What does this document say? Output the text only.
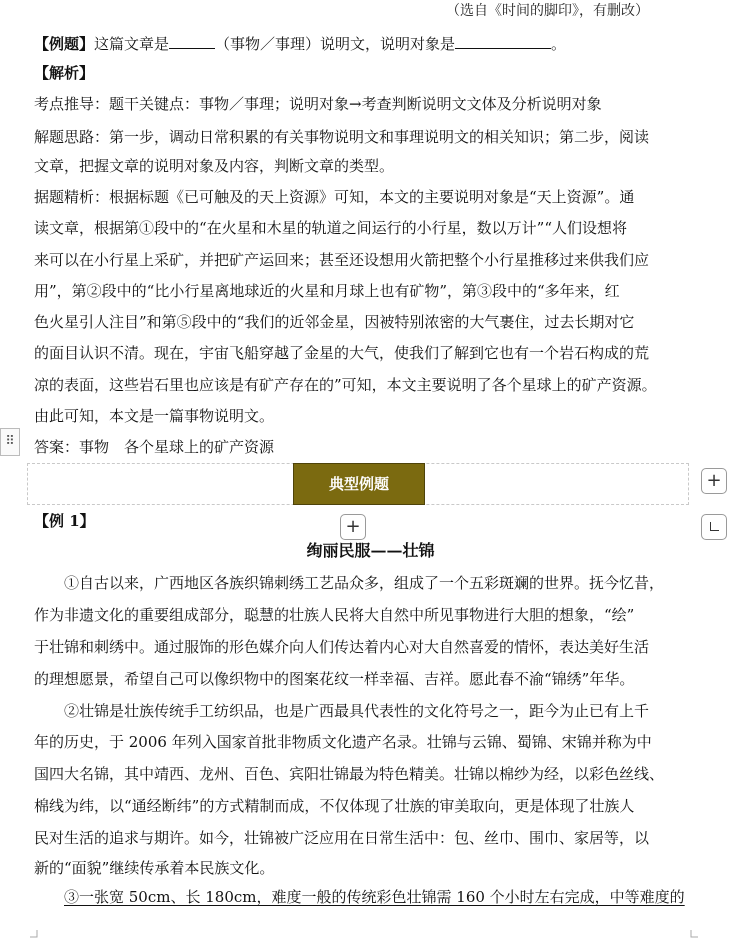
（选自《时间的脚印》，有删改）
【例题】这篇文章是	（事物／事理）说明文，说明对象是	。
【解析】
考点推导：题干关键点：事物／事理；说明对象→考查判断说明文文体及分析说明对象
解题思路：第一步，调动日常积累的有关事物说明文和事理说明文的相关知识；第二步，阅读
文章，把握文章的说明对象及内容，判断文章的类型。
据题精析：根据标题《已可触及的天上资源》可知，本文的主要说明对象是“天上资源”。通
读文章，根据第①段中的“在火星和木星的轨道之间运行的小行星，数以万计”“人们设想将
来可以在小行星上采矿，并把矿产运回来；甚至还设想用火箭把整个小行星推移过来供我们应
用”，第②段中的“比小行星离地球近的火星和月球上也有矿物”，第③段中的“多年来，红
色火星引人注目”和第⑤段中的“我们的近邻金星，因被特别浓密的大气裹住，过去长期对它
的面目认识不清。现在，宇宙飞船穿越了金星的大气，使我们了解到它也有一个岩石构成的荒
凉的表面，这些岩石里也应该是有矿产存在的”可知，本文主要说明了各个星球上的矿产资源。
由此可知，本文是一篇事物说明文。
⠿	答案：事物　各个星球上的矿产资源
典型例题	+
+
【例 1】
绚丽民服——壮锦
①自古以来，广西地区各族织锦刺绣工艺品众多，组成了一个五彩斑斓的世界。抚今忆昔，
作为非遗文化的重要组成部分，聪慧的壮族人民将大自然中所见事物进行大胆的想象，“绘”
于壮锦和刺绣中。通过服饰的形色媒介向人们传达着内心对大自然喜爱的情怀，表达美好生活
的理想愿景，希望自己可以像织物中的图案花纹一样幸福、吉祥。愿此春不渝“锦绣”年华。
②壮锦是壮族传统手工纺织品，也是广西最具代表性的文化符号之一，距今为止已有上千
年的历史，于 2006 年列入国家首批非物质文化遗产名录。壮锦与云锦、蜀锦、宋锦并称为中
国四大名锦，其中靖西、龙州、百色、宾阳壮锦最为特色精美。壮锦以棉纱为经，以彩色丝线、
棉线为纬，以“通经断纬”的方式精制而成，不仅体现了壮族的审美取向，更是体现了壮族人
民对生活的追求与期许。如今，壮锦被广泛应用在日常生活中：包、丝巾、围巾、家居等，以
新的“面貌”继续传承着本民族文化。
③一张宽 50cm、长 180cm，难度一般的传统彩色壮锦需 160 个小时左右完成，中等难度的
